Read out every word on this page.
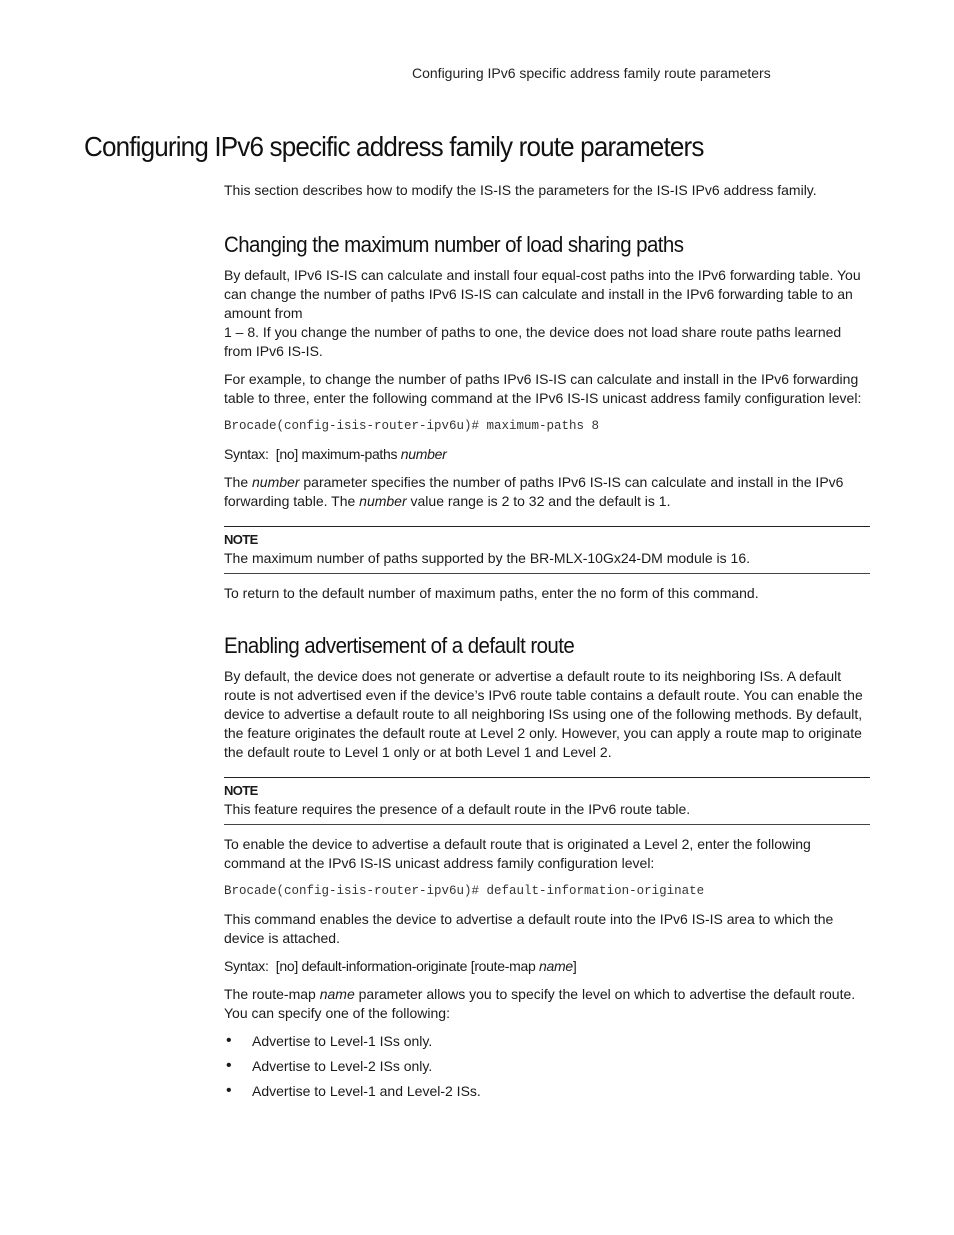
Configuring IPv6 specific address family route parameters
Configuring IPv6 specific address family route parameters

This section describes how to modify the IS-IS the parameters for the IS-IS IPv6 address family.

Changing the maximum number of load sharing paths

By default, IPv6 IS-IS can calculate and install four equal-cost paths into the IPv6 forwarding table. You can change the number of paths IPv6 IS-IS can calculate and install in the IPv6 forwarding table to an amount from

1 – 8. If you change the number of paths to one, the device does not load share route paths learned from IPv6 IS-IS.

For example, to change the number of paths IPv6 IS-IS can calculate and install in the IPv6 forwarding table to three, enter the following command at the IPv6 IS-IS unicast address family configuration level:

Brocade(config-isis-router-ipv6u)# maximum-paths 8

Syntax: [no] maximum-paths number

The number parameter specifies the number of paths IPv6 IS-IS can calculate and install in the IPv6 forwarding table. The number value range is 2 to 32 and the default is 1.

NOTE
The maximum number of paths supported by the BR-MLX-10Gx24-DM module is 16.

To return to the default number of maximum paths, enter the no form of this command.

Enabling advertisement of a default route

By default, the device does not generate or advertise a default route to its neighboring ISs. A default route is not advertised even if the device’s IPv6 route table contains a default route. You can enable the device to advertise a default route to all neighboring ISs using one of the following methods. By default, the feature originates the default route at Level 2 only. However, you can apply a route map to originate the default route to Level 1 only or at both Level 1 and Level 2.

NOTE
This feature requires the presence of a default route in the IPv6 route table.

To enable the device to advertise a default route that is originated a Level 2, enter the following command at the IPv6 IS-IS unicast address family configuration level:

Brocade(config-isis-router-ipv6u)# default-information-originate

This command enables the device to advertise a default route into the IPv6 IS-IS area to which the device is attached.

Syntax: [no] default-information-originate [route-map name]

The route-map name parameter allows you to specify the level on which to advertise the default route. You can specify one of the following:

• Advertise to Level-1 ISs only.
• Advertise to Level-2 ISs only.
• Advertise to Level-1 and Level-2 ISs.
